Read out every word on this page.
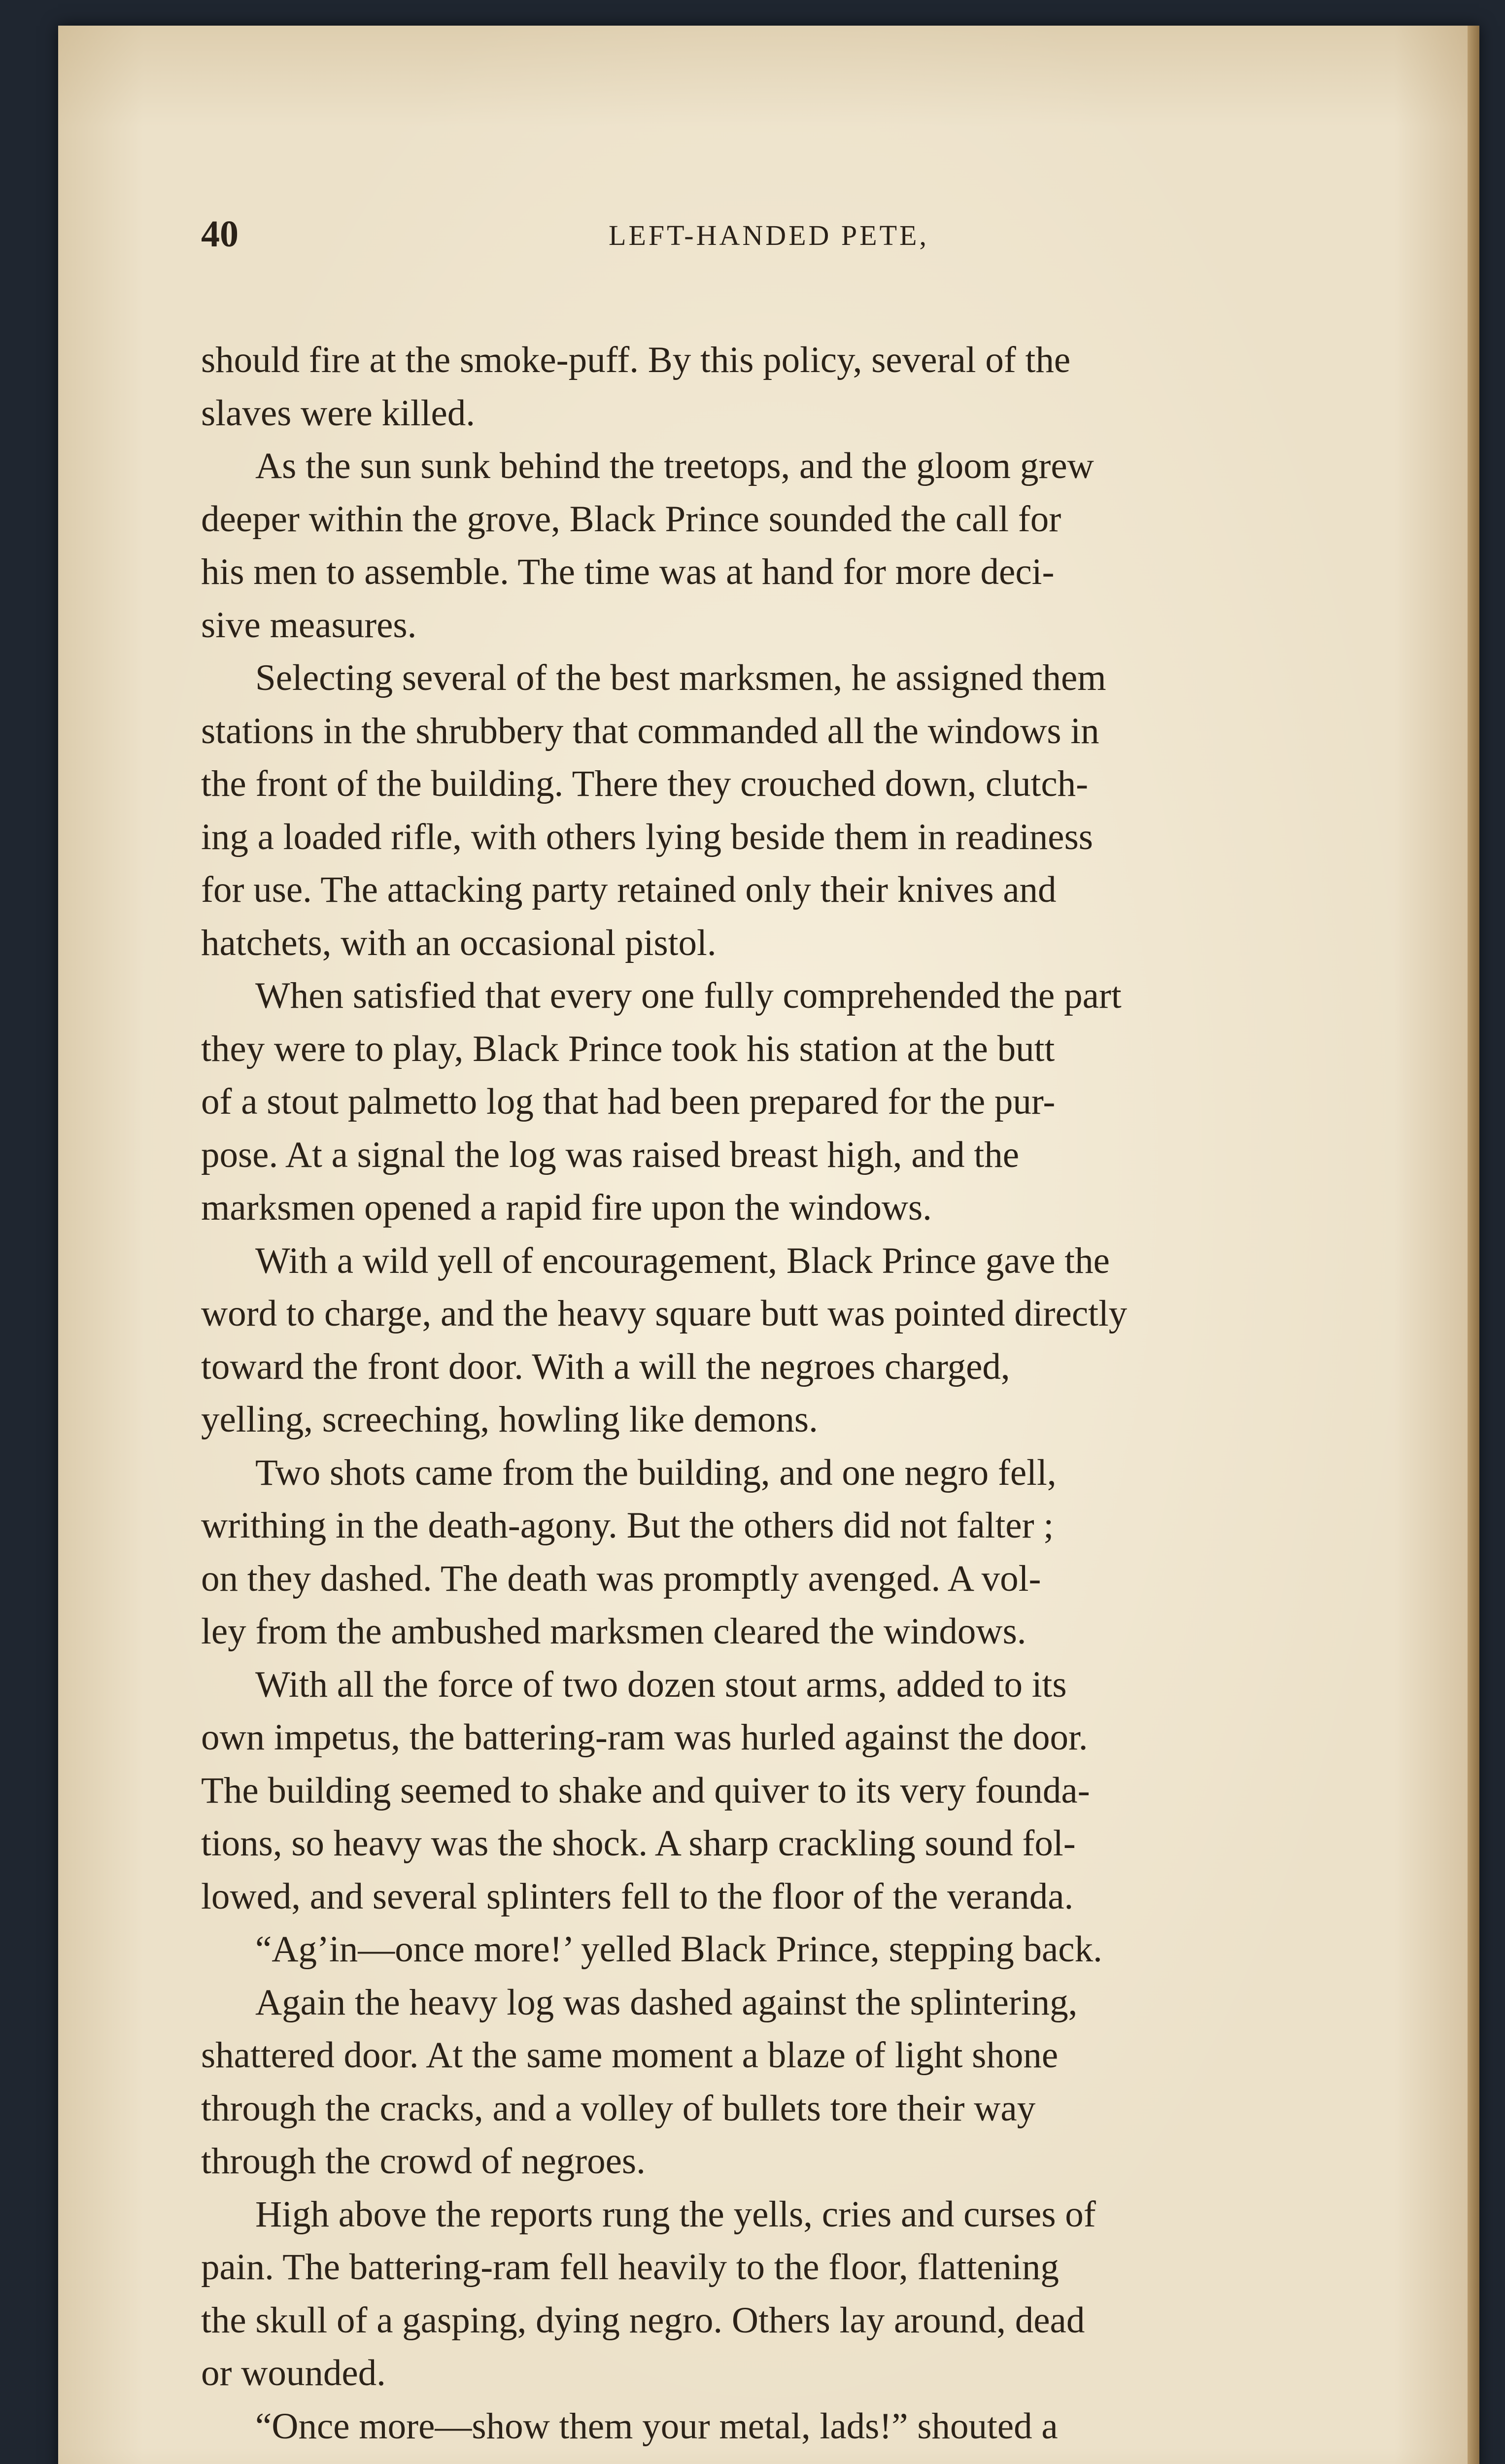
40	LEFT-HANDED PETE,
should fire at the smoke-puff. By this policy, several of the
slaves were killed.
As the sun sunk behind the treetops, and the gloom grew
deeper within the grove, Black Prince sounded the call for
his men to assemble. The time was at hand for more deci-
sive measures.
Selecting several of the best marksmen, he assigned them
stations in the shrubbery that commanded all the windows in
the front of the building. There they crouched down, clutch-
ing a loaded rifle, with others lying beside them in readiness
for use. The attacking party retained only their knives and
hatchets, with an occasional pistol.
When satisfied that every one fully comprehended the part
they were to play, Black Prince took his station at the butt
of a stout palmetto log that had been prepared for the pur-
pose. At a signal the log was raised breast high, and the
marksmen opened a rapid fire upon the windows.
With a wild yell of encouragement, Black Prince gave the
word to charge, and the heavy square butt was pointed directly
toward the front door. With a will the negroes charged,
yelling, screeching, howling like demons.
Two shots came from the building, and one negro fell,
writhing in the death-agony. But the others did not falter ;
on they dashed. The death was promptly avenged. A vol-
ley from the ambushed marksmen cleared the windows.
With all the force of two dozen stout arms, added to its
own impetus, the battering-ram was hurled against the door.
The building seemed to shake and quiver to its very founda-
tions, so heavy was the shock. A sharp crackling sound fol-
lowed, and several splinters fell to the floor of the veranda.
“Ag’in—once more!’ yelled Black Prince, stepping back.
Again the heavy log was dashed against the splintering,
shattered door. At the same moment a blaze of light shone
through the cracks, and a volley of bullets tore their way
through the crowd of negroes.
High above the reports rung the yells, cries and curses of
pain. The battering-ram fell heavily to the floor, flattening
the skull of a gasping, dying negro. Others lay around, dead
or wounded.
“Once more—show them your metal, lads!” shouted a
